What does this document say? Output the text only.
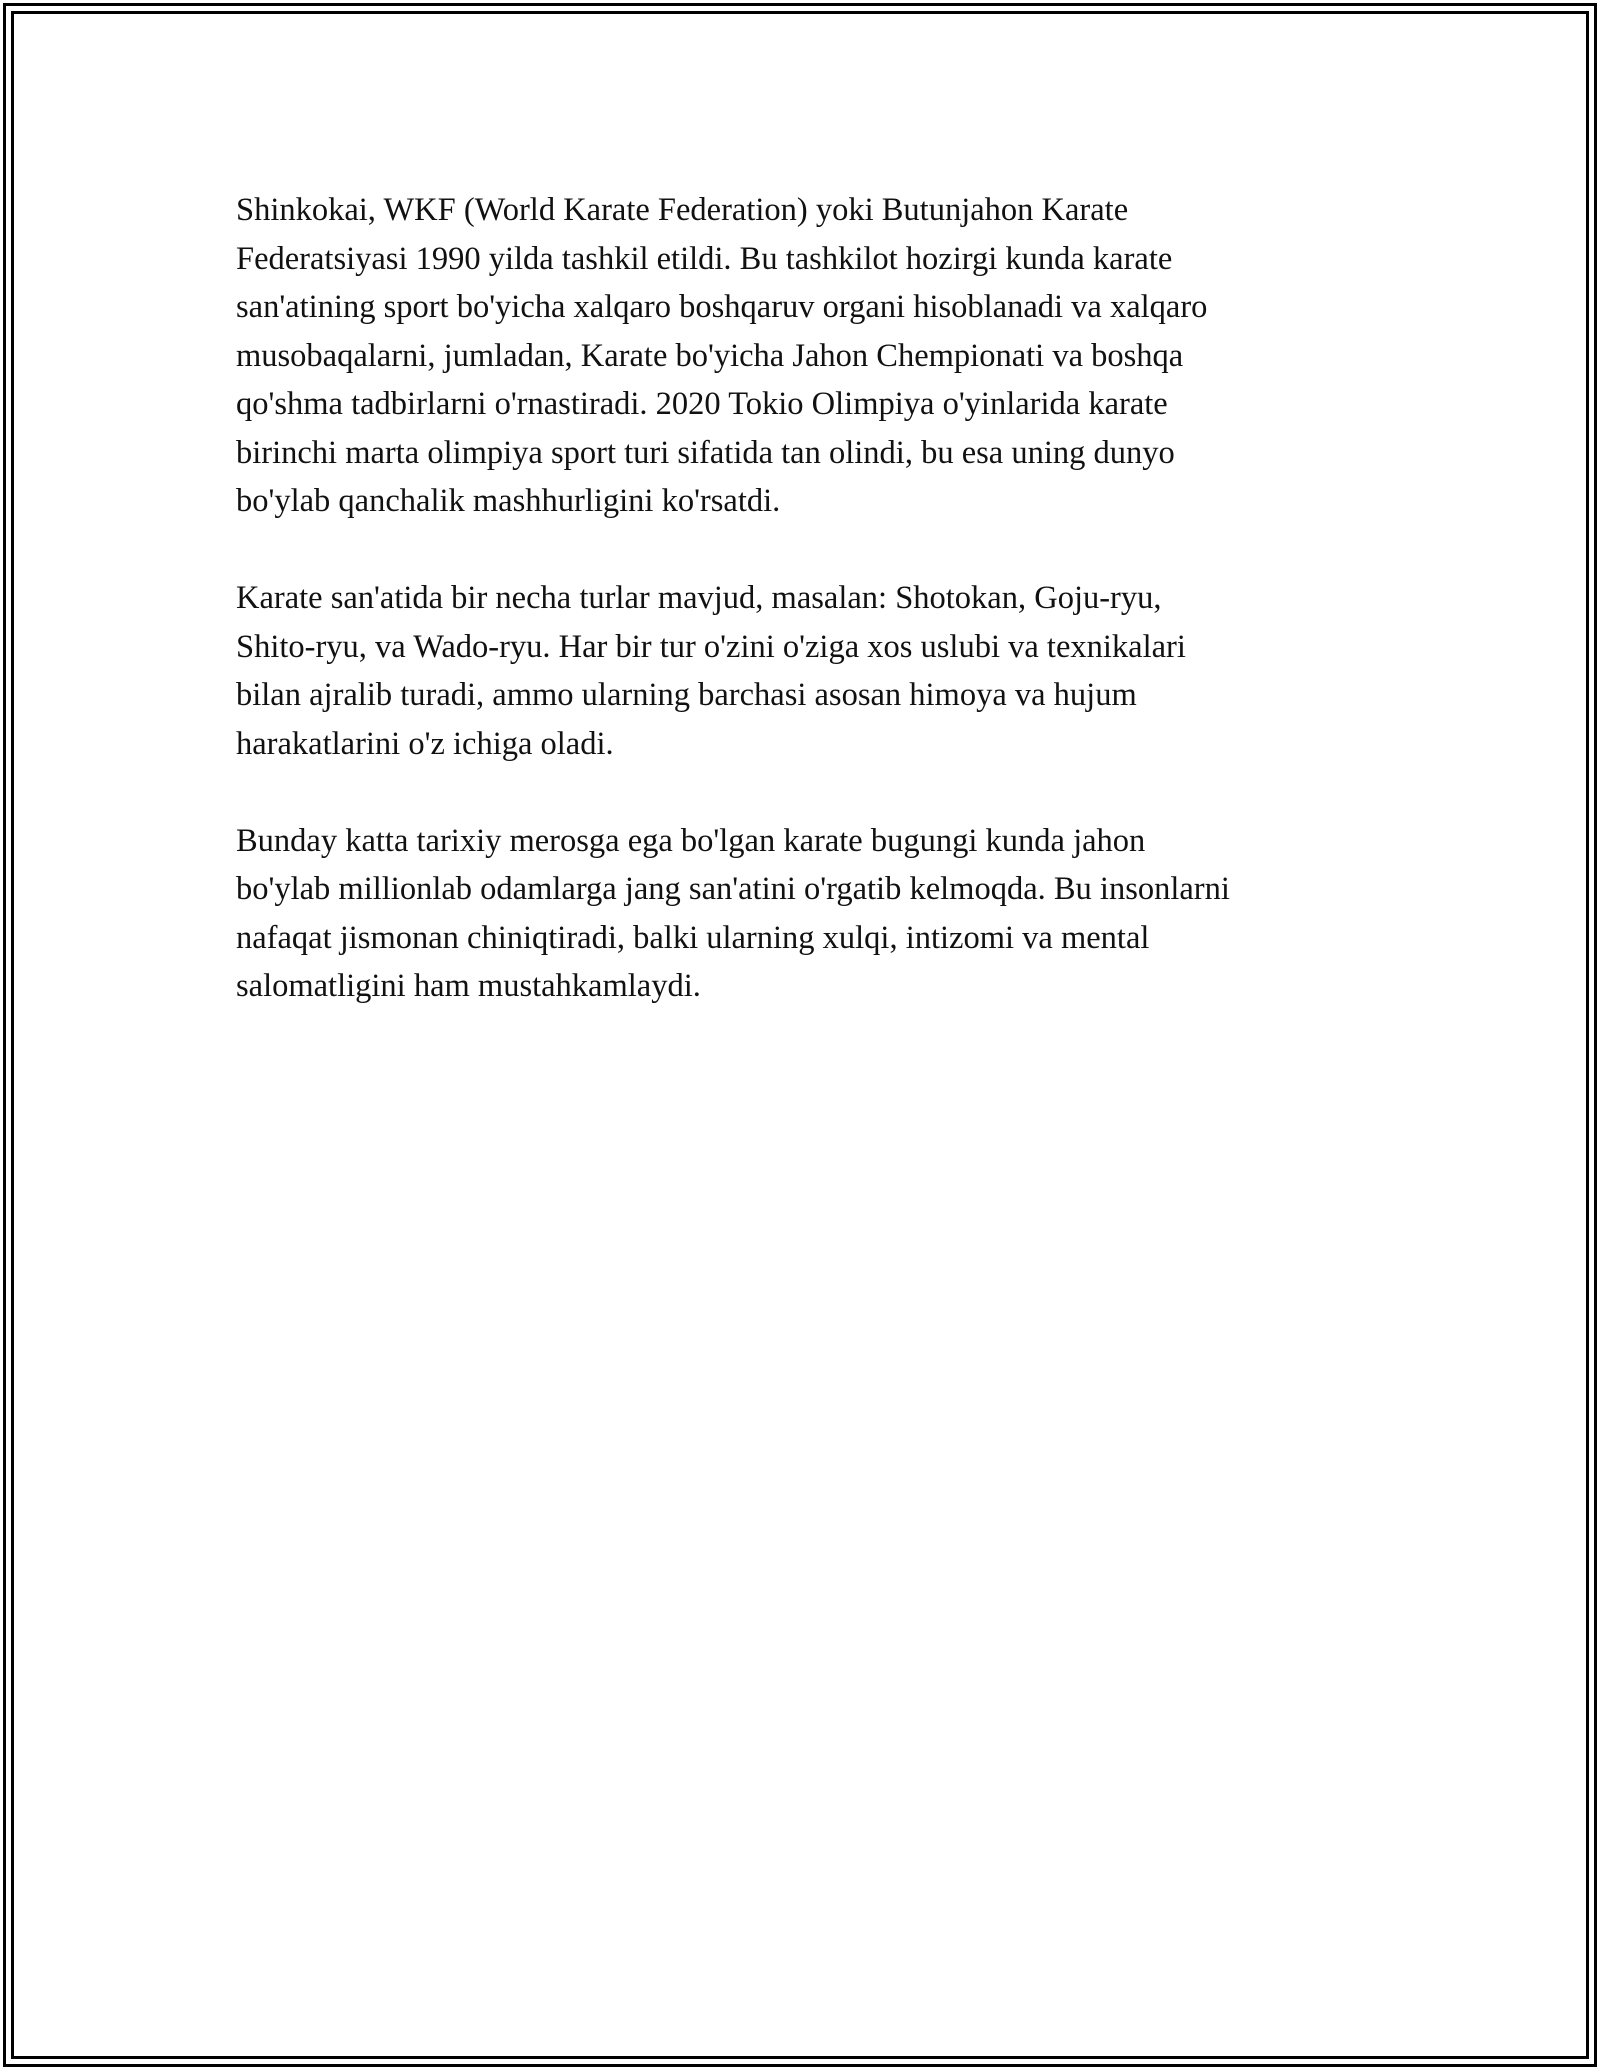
Shinkokai, WKF (World Karate Federation) yoki Butunjahon Karate
Federatsiyasi 1990 yilda tashkil etildi. Bu tashkilot hozirgi kunda karate
san'atining sport bo'yicha xalqaro boshqaruv organi hisoblanadi va xalqaro
musobaqalarni, jumladan, Karate bo'yicha Jahon Chempionati va boshqa
qo'shma tadbirlarni o'rnastiradi. 2020 Tokio Olimpiya o'yinlarida karate
birinchi marta olimpiya sport turi sifatida tan olindi, bu esa uning dunyo
bo'ylab qanchalik mashhurligini ko'rsatdi.

Karate san'atida bir necha turlar mavjud, masalan: Shotokan, Goju-ryu,
Shito-ryu, va Wado-ryu. Har bir tur o'zini o'ziga xos uslubi va texnikalari
bilan ajralib turadi, ammo ularning barchasi asosan himoya va hujum
harakatlarini o'z ichiga oladi.

Bunday katta tarixiy merosga ega bo'lgan karate bugungi kunda jahon
bo'ylab millionlab odamlarga jang san'atini o'rgatib kelmoqda. Bu insonlarni
nafaqat jismonan chiniqtiradi, balki ularning xulqi, intizomi va mental
salomatligini ham mustahkamlaydi.
